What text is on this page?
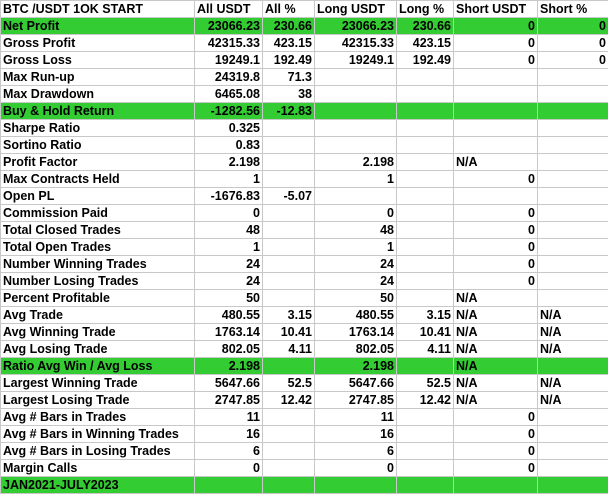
BTC /USDT 1OK START	All USDT	All %	Long USDT	Long %	Short USDT	Short %
Net Profit	23066.23	230.66	23066.23	230.66	0	0
Gross Profit	42315.33	423.15	42315.33	423.15	0	0
Gross Loss	19249.1	192.49	19249.1	192.49	0	0
Max Run-up	24319.8	71.3				
Max Drawdown	6465.08	38				
Buy & Hold Return	-1282.56	-12.83				
Sharpe Ratio	0.325					
Sortino Ratio	0.83					
Profit Factor	2.198		2.198		N/A	
Max Contracts Held	1		1		0	
Open PL	-1676.83	-5.07				
Commission Paid	0		0		0	
Total Closed Trades	48		48		0	
Total Open Trades	1		1		0	
Number Winning Trades	24		24		0	
Number Losing Trades	24		24		0	
Percent Profitable	50		50		N/A	
Avg Trade	480.55	3.15	480.55	3.15	N/A	N/A
Avg Winning Trade	1763.14	10.41	1763.14	10.41	N/A	N/A
Avg Losing Trade	802.05	4.11	802.05	4.11	N/A	N/A
Ratio Avg Win / Avg Loss	2.198		2.198		N/A	
Largest Winning Trade	5647.66	52.5	5647.66	52.5	N/A	N/A
Largest Losing Trade	2747.85	12.42	2747.85	12.42	N/A	N/A
Avg # Bars in Trades	11		11		0	
Avg # Bars in Winning Trades	16		16		0	
Avg # Bars in Losing Trades	6		6		0	
Margin Calls	0		0		0	
JAN2021-JULY2023						
